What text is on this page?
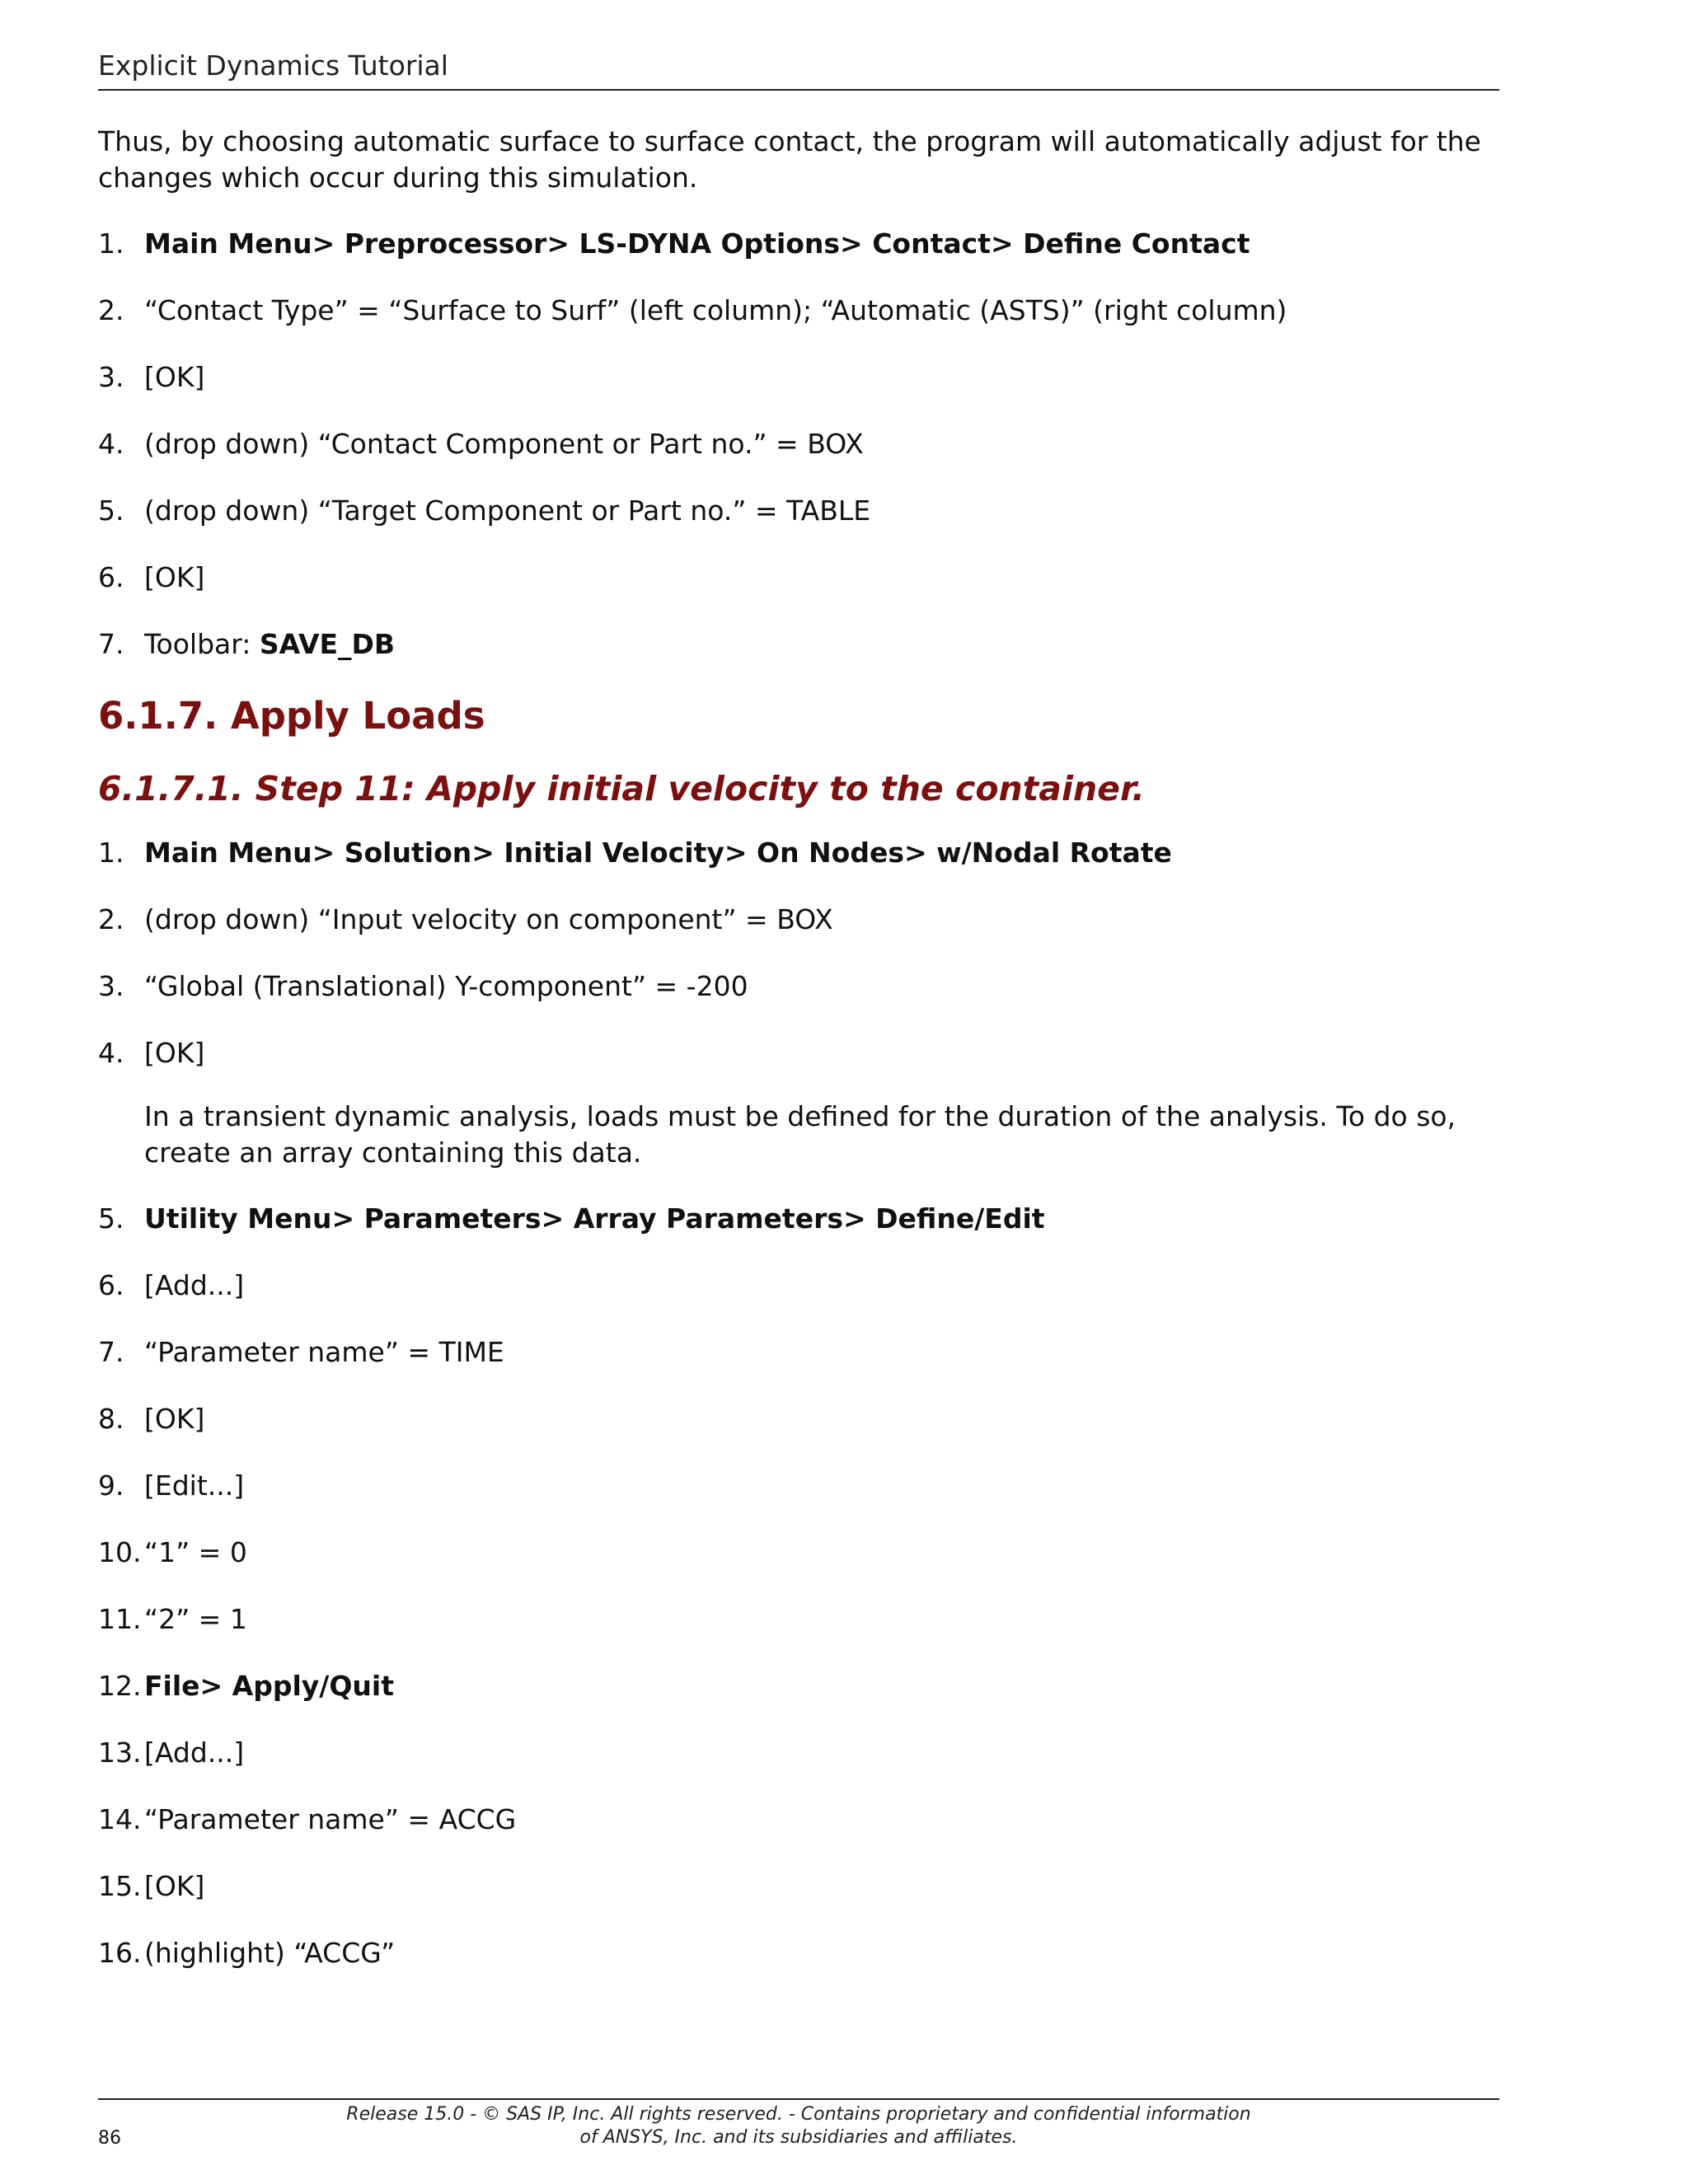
Explicit Dynamics Tutorial

Thus, by choosing automatic surface to surface contact, the program will automatically adjust for the changes which occur during this simulation.

1. Main Menu> Preprocessor> LS-DYNA Options> Contact> Define Contact
2. “Contact Type” = “Surface to Surf” (left column); “Automatic (ASTS)” (right column)
3. [OK]
4. (drop down) “Contact Component or Part no.” = BOX
5. (drop down) “Target Component or Part no.” = TABLE
6. [OK]
7. Toolbar: SAVE_DB
6.1.7. Apply Loads
6.1.7.1. Step 11: Apply initial velocity to the container.
1. Main Menu> Solution> Initial Velocity> On Nodes> w/Nodal Rotate
2. (drop down) “Input velocity on component” = BOX
3. “Global (Translational) Y-component” = -200
4. [OK]

In a transient dynamic analysis, loads must be defined for the duration of the analysis. To do so, create an array containing this data.

5. Utility Menu> Parameters> Array Parameters> Define/Edit
6. [Add...]
7. “Parameter name” = TIME
8. [OK]
9. [Edit...]
10. “1” = 0
11. “2” = 1
12. File> Apply/Quit
13. [Add...]
14. “Parameter name” = ACCG
15. [OK]
16. (highlight) “ACCG”
86
Release 15.0 - © SAS IP, Inc. All rights reserved. - Contains proprietary and confidential information
of ANSYS, Inc. and its subsidiaries and affiliates.
